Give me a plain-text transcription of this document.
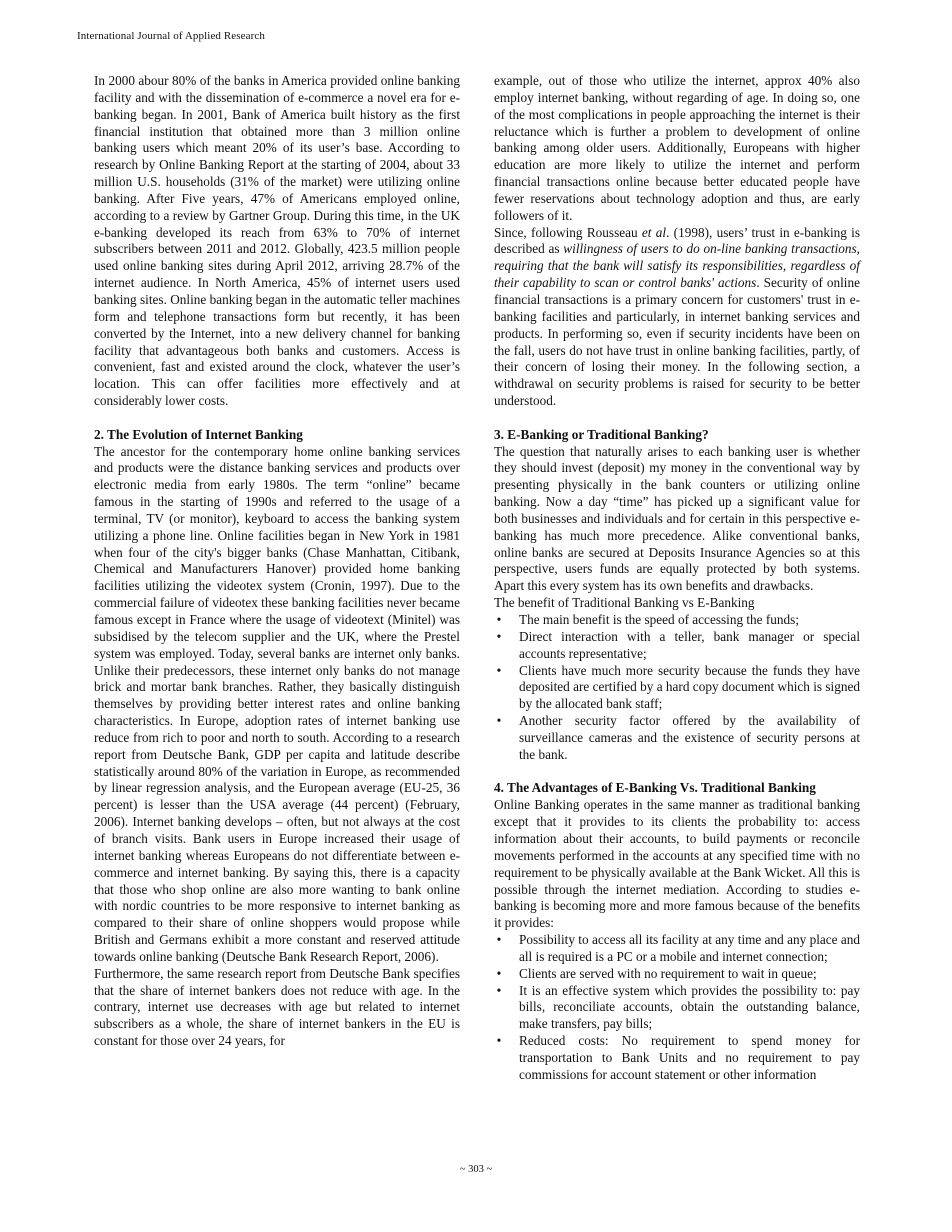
International Journal of Applied Research

In 2000 abour 80% of the banks in America provided online banking facility and with the dissemination of e-commerce a novel era for e-banking began. In 2001, Bank of America built history as the first financial institution that obtained more than 3 million online banking users which meant 20% of its user’s base. According to research by Online Banking Report at the starting of 2004, about 33 million U.S. households (31% of the market) were utilizing online banking. After Five years, 47% of Americans employed online, according to a review by Gartner Group. During this time, in the UK e-banking developed its reach from 63% to 70% of internet subscribers between 2011 and 2012. Globally, 423.5 million people used online banking sites during April 2012, arriving 28.7% of the internet audience. In North America, 45% of internet users used banking sites. Online banking began in the automatic teller machines form and telephone transactions form but recently, it has been converted by the Internet, into a new delivery channel for banking facility that advantageous both banks and customers. Access is convenient, fast and existed around the clock, whatever the user’s location. This can offer facilities more effectively and at considerably lower costs.

2. The Evolution of Internet Banking

The ancestor for the contemporary home online banking services and products were the distance banking services and products over electronic media from early 1980s. The term “online” became famous in the starting of 1990s and referred to the usage of a terminal, TV (or monitor), keyboard to access the banking system utilizing a phone line. Online facilities began in New York in 1981 when four of the city's bigger banks (Chase Manhattan, Citibank, Chemical and Manufacturers Hanover) provided home banking facilities utilizing the videotex system (Cronin, 1997). Due to the commercial failure of videotex these banking facilities never became famous except in France where the usage of videotext (Minitel) was subsidised by the telecom supplier and the UK, where the Prestel system was employed. Today, several banks are internet only banks. Unlike their predecessors, these internet only banks do not manage brick and mortar bank branches. Rather, they basically distinguish themselves by providing better interest rates and online banking characteristics. In Europe, adoption rates of internet banking use reduce from rich to poor and north to south. According to a research report from Deutsche Bank, GDP per capita and latitude describe statistically around 80% of the variation in Europe, as recommended by linear regression analysis, and the European average (EU-25, 36 percent) is lesser than the USA average (44 percent) (February, 2006). Internet banking develops – often, but not always at the cost of branch visits. Bank users in Europe increased their usage of internet banking whereas Europeans do not differentiate between e-commerce and internet banking. By saying this, there is a capacity that those who shop online are also more wanting to bank online with nordic countries to be more responsive to internet banking as compared to their share of online shoppers would propose while British and Germans exhibit a more constant and reserved attitude towards online banking (Deutsche Bank Research Report, 2006).

Furthermore, the same research report from Deutsche Bank specifies that the share of internet bankers does not reduce with age. In the contrary, internet use decreases with age but related to internet subscribers as a whole, the share of internet bankers in the EU is constant for those over 24 years, for

example, out of those who utilize the internet, approx 40% also employ internet banking, without regarding of age. In doing so, one of the most complications in people approaching the internet is their reluctance which is further a problem to development of online banking among older users. Additionally, Europeans with higher education are more likely to utilize the internet and perform financial transactions online because better educated people have fewer reservations about technology adoption and thus, are early followers of it.

Since, following Rousseau et al. (1998), users’ trust in e-banking is described as willingness of users to do on-line banking transactions, requiring that the bank will satisfy its responsibilities, regardless of their capability to scan or control banks' actions. Security of online financial transactions is a primary concern for customers' trust in e-banking facilities and particularly, in internet banking services and products. In performing so, even if security incidents have been on the fall, users do not have trust in online banking facilities, partly, of their concern of losing their money. In the following section, a withdrawal on security problems is raised for security to be better understood.

3. E-Banking or Traditional Banking?

The question that naturally arises to each banking user is whether they should invest (deposit) my money in the conventional way by presenting physically in the bank counters or utilizing online banking. Now a day “time” has picked up a significant value for both businesses and individuals and for certain in this perspective e-banking has much more precedence. Alike conventional banks, online banks are secured at Deposits Insurance Agencies so at this perspective, users funds are equally protected by both systems. Apart this every system has its own benefits and drawbacks.

The benefit of Traditional Banking vs E-Banking

• The main benefit is the speed of accessing the funds;
• Direct interaction with a teller, bank manager or special accounts representative;
• Clients have much more security because the funds they have deposited are certified by a hard copy document which is signed by the allocated bank staff;
• Another security factor offered by the availability of surveillance cameras and the existence of security persons at the bank.

4. The Advantages of E-Banking Vs. Traditional Banking

Online Banking operates in the same manner as traditional banking except that it provides to its clients the probability to: access information about their accounts, to build payments or reconcile movements performed in the accounts at any specified time with no requirement to be physically available at the Bank Wicket. All this is possible through the internet mediation. According to studies e-banking is becoming more and more famous because of the benefits it provides:

• Possibility to access all its facility at any time and any place and all is required is a PC or a mobile and internet connection;
• Clients are served with no requirement to wait in queue;
• It is an effective system which provides the possibility to: pay bills, reconciliate accounts, obtain the outstanding balance, make transfers, pay bills;
• Reduced costs: No requirement to spend money for transportation to Bank Units and no requirement to pay commissions for account statement or other information
~ 303 ~
